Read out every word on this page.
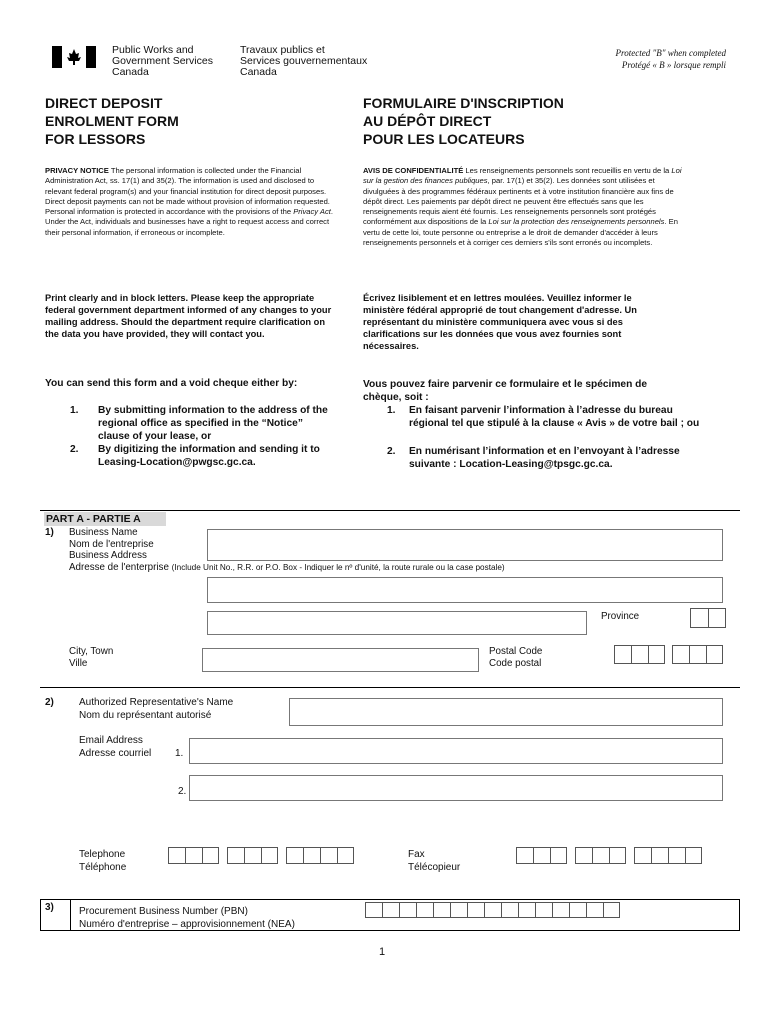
Public Works and
Government Services
Canada
Travaux publics et
Services gouvernementaux
Canada
Protected "B" when completed
Protégé « B » lorsque rempli
DIRECT DEPOSIT
ENROLMENT FORM
FOR LESSORS
FORMULAIRE D'INSCRIPTION
AU DÉPÔT DIRECT
POUR LES LOCATEURS
PRIVACY NOTICE The personal information is collected under the Financial Administration Act, ss. 17(1) and 35(2). The information is used and disclosed to relevant federal program(s) and your financial institution for direct deposit purposes. Direct deposit payments can not be made without provision of information requested. Personal information is protected in accordance with the provisions of the Privacy Act. Under the Act, individuals and businesses have a right to request access and correct their personal information, if erroneous or incomplete.
AVIS DE CONFIDENTIALITÉ Les renseignements personnels sont recueillis en vertu de la Loi sur la gestion des finances publiques, par. 17(1) et 35(2). Les données sont utilisées et divulguées à des programmes fédéraux pertinents et à votre institution financière aux fins de dépôt direct. Les paiements par dépôt direct ne peuvent être effectués sans que les renseignements requis aient été fournis. Les renseignements personnels sont protégés conformément aux dispositions de la Loi sur la protection des renseignements personnels. En vertu de cette loi, toute personne ou entreprise a le droit de demander d'accéder à leurs renseignements personnels et à corriger ces derniers s'ils sont erronés ou incomplets.
Print clearly and in block letters. Please keep the appropriate federal government department informed of any changes to your mailing address. Should the department require clarification on the data you have provided, they will contact you.
Écrivez lisiblement et en lettres moulées. Veuillez informer le ministère fédéral approprié de tout changement d'adresse. Un représentant du ministère communiquera avec vous si des clarifications sur les données que vous avez fournies sont nécessaires.
You can send this form and a void cheque either by:
1. By submitting information to the address of the regional office as specified in the “Notice” clause of your lease, or
2. By digitizing the information and sending it to Leasing-Location@pwgsc.gc.ca.
Vous pouvez faire parvenir ce formulaire et le spécimen de chèque, soit :
1. En faisant parvenir l’information à l’adresse du bureau régional tel que stipulé à la clause « Avis » de votre bail ; ou
2. En numérisant l’information et en l’envoyant à l’adresse suivante : Location-Leasing@tpsgc.gc.ca.
PART A - PARTIE A
1) Business Name
Nom de l'entreprise
Business Address
Adresse de l'enterprise (Include Unit No., R.R. or P.O. Box - Indiquer le nº d'unité, la route rurale ou la case postale)
Province
City, Town
Ville
Postal Code
Code postal
2)	Authorized Representative's Name
Nom du représentant autorisé
Email Address
Adresse courriel 1.
2.
Telephone
Téléphone
Fax
Télécopieur
3)	Procurement Business Number (PBN)
Numéro d'entreprise – approvisionnement (NEA)
1
